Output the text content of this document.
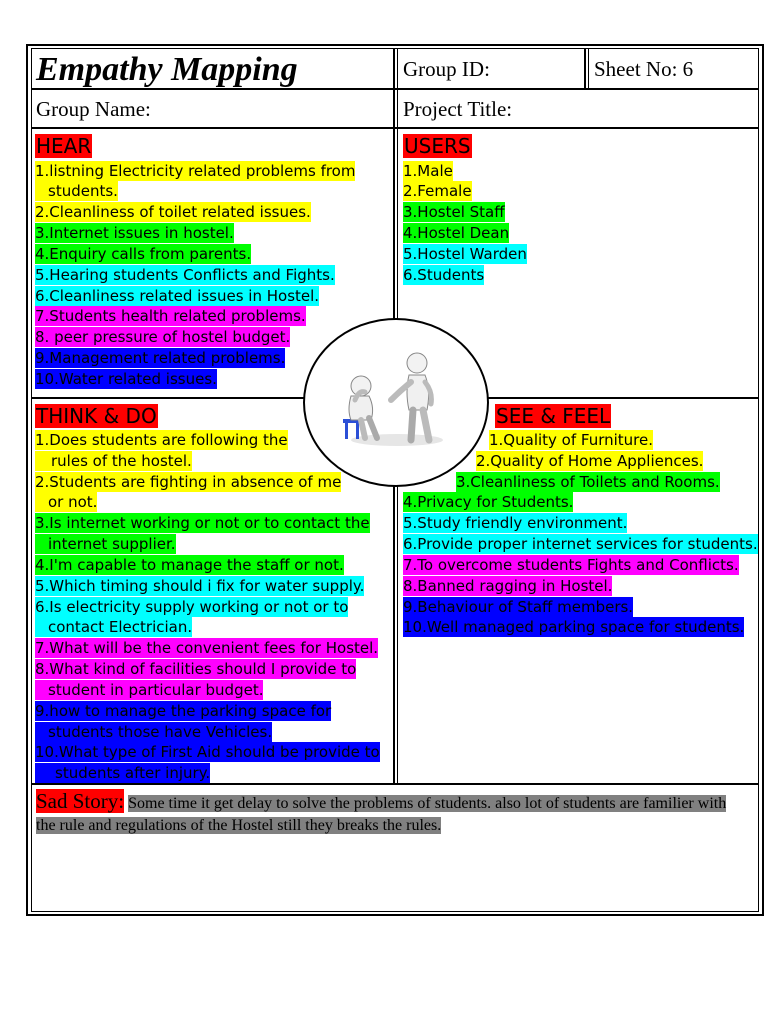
Empathy Mapping	Group ID:	Sheet No: 6
Group Name:	Project Title:
HEAR
1.listning Electricity related problems from
students.
2.Cleanliness of toilet related issues.
3.Internet issues in hostel.
4.Enquiry calls from parents.
5.Hearing students Conflicts and Fights.
6.Cleanliness related issues in Hostel.
7.Students health related problems.
8. peer pressure of hostel budget.
9.Management related problems.
10.Water related issues.
USERS
1.Male
2.Female
3.Hostel Staff
4.Hostel Dean
5.Hostel Warden
6.Students
THINK & DO
1.Does students are following the
rules of the hostel.
2.Students are fighting in absence of me
or not.
3.Is internet working or not or to contact the
internet supplier.
4.I'm capable to manage the staff or not.
5.Which timing should i fix for water supply.
6.Is electricity supply working or not or to
contact Electrician.
7.What will be the convenient fees for Hostel.
8.What kind of facilities should I provide to
student in particular budget.
9.how to manage the parking space for
students those have Vehicles.
10.What type of First Aid should be provide to
students after injury.
SEE & FEEL
1.Quality of Furniture.
2.Quality of Home Appliences.
3.Cleanliness of Toilets and Rooms.
4.Privacy for Students.
5.Study friendly environment.
6.Provide proper internet services for students.
7.To overcome students Fights and Conflicts.
8.Banned ragging in Hostel.
9.Behaviour of Staff members.
10.Well managed parking space for students.
Sad Story: Some time it get delay to solve the problems of students. also lot of students are familier with the rule and regulations of the Hostel still they breaks the rules.
